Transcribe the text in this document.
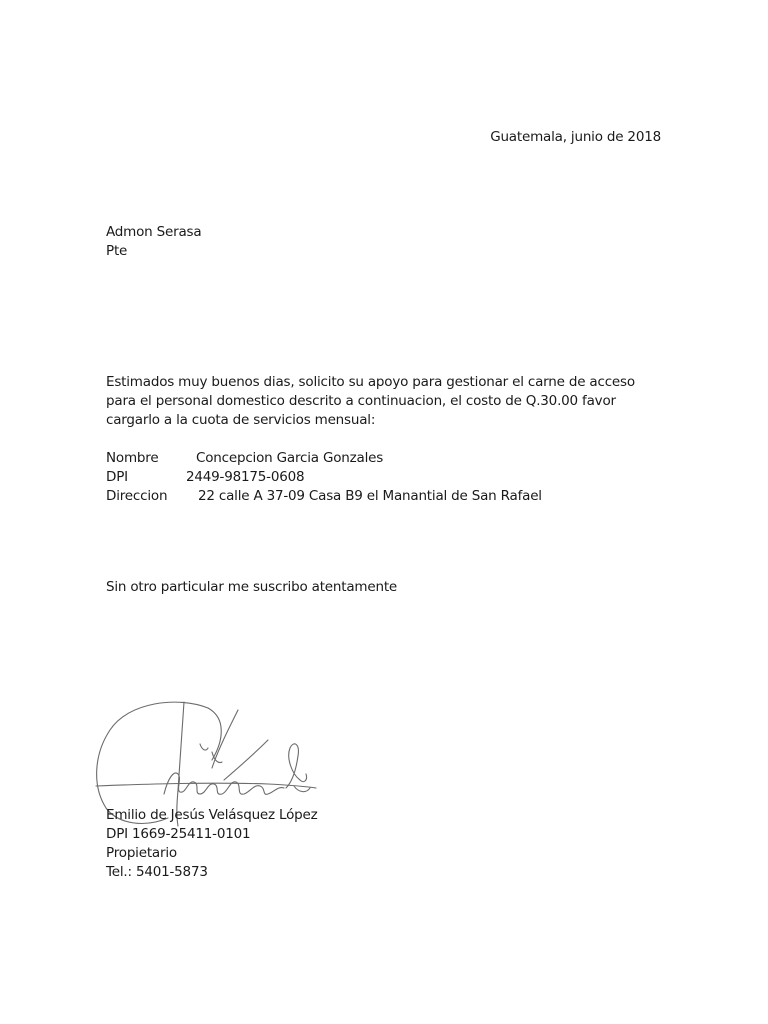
Guatemala, junio de 2018
Admon Serasa
Pte

Estimados muy buenos dias, solicito su apoyo para gestionar el carne de acceso para el personal domestico descrito a continuacion, el costo de Q.30.00 favor cargarlo a la cuota de servicios mensual:

Nombre	Concepcion Garcia Gonzales
DPI	2449-98175-0608
Direccion 22 calle A 37-09 Casa B9 el Manantial de San Rafael
Sin otro particular me suscribo atentamente
Emilio de Jesús Velásquez López
DPI 1669-25411-0101
Propietario
Tel.: 5401-5873
